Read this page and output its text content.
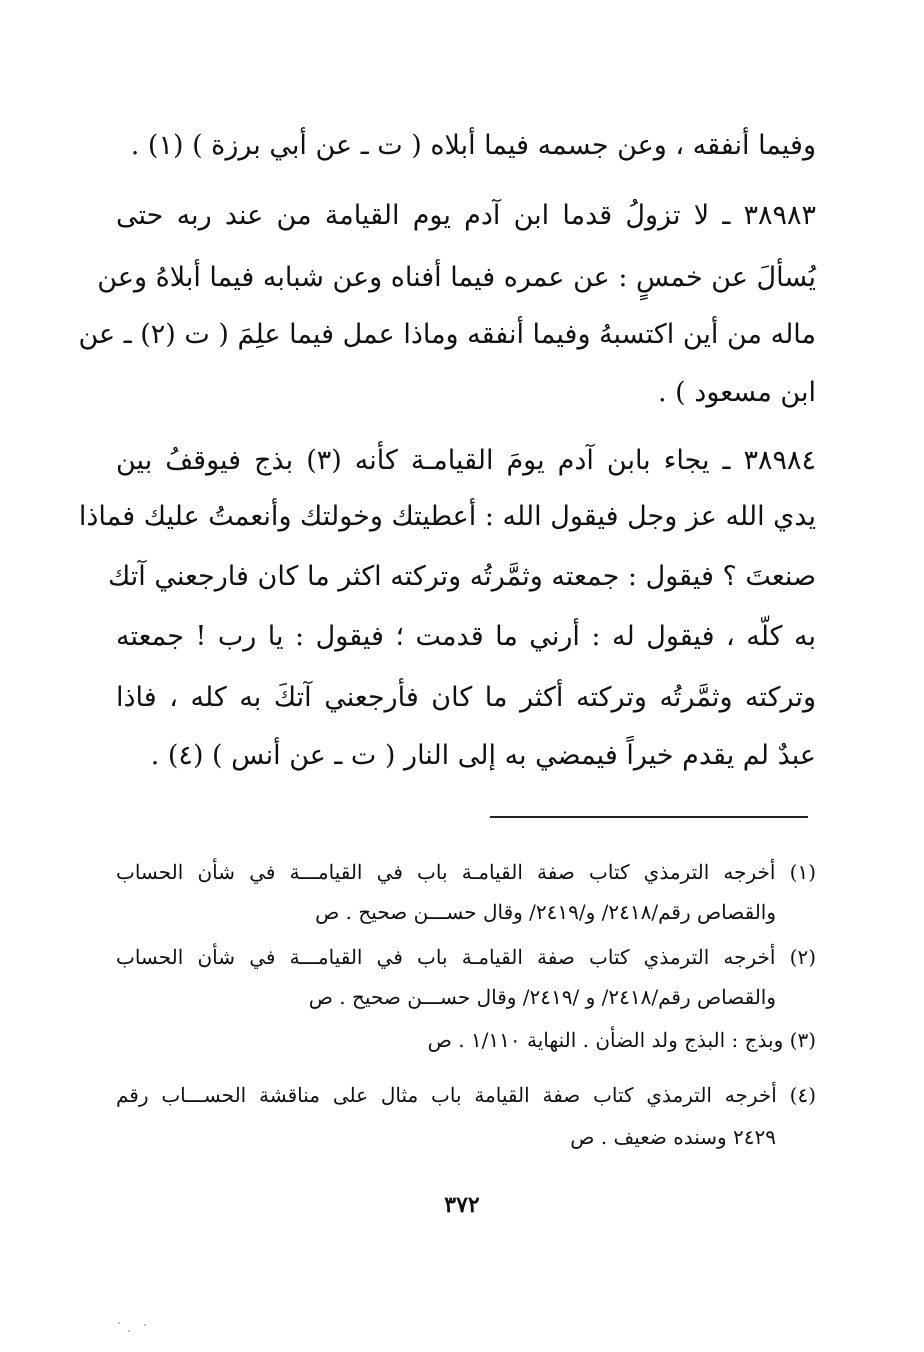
وفيما أنفقه ، وعن جسمه فيما أبلاه ( ت ـ عن أبي برزة ) (١) .
٣٨٩٨٣ ـ لا تزولُ قدما ابن آدم يوم القيامة من عند ربه حتى
يُسألَ عن خمسٍ : عن عمره فيما أفناه وعن شبابه فيما أبلاهُ وعن
ماله من أين اكتسبهُ وفيما أنفقه وماذا عمل فيما علِمَ ( ت (٢) ـ عن
ابن مسعود ) .
٣٨٩٨٤ ـ يجاء بابن آدم يومَ القيامـة كأنه (٣) بذج فيوقفُ بين
يدي الله عز وجل فيقول الله : أعطيتك وخولتك وأنعمتُ عليك فماذا
صنعتَ ؟ فيقول : جمعته وثمَّرتُه وتركته اكثر ما كان فارجعني آتك
به كلّه ، فيقول له : أرني ما قدمت ؛ فيقول : يا رب ! جمعته
وتركته وثمَّرتُه وتركته أكثر ما كان فأرجعني آتكَ به كله ، فاذا
عبدٌ لم يقدم خيراً فيمضي به إلى النار ( ت ـ عن أنس ) (٤) .
(١) أخرجه الترمذي كتاب صفة القيامـة باب في القيامـــة في شأن الحساب
والقصاص رقم/٢٤١٨/ و/٢٤١٩/ وقال حســـن صحيح . ص
(٢) أخرجه الترمذي كتاب صفة القيامـة باب في القيامـــة في شأن الحساب
والقصاص رقم/٢٤١٨/ و /٢٤١٩/ وقال حســـن صحيح . ص
(٣) وبذج : البذج ولد الضأن . النهاية ١/١١٠ . ص
(٤) أخرجه الترمذي كتاب صفة القيامة باب مثال على مناقشة الحســـاب رقم
٢٤٢٩ وسنده ضعيف . ص
٣٧٢
